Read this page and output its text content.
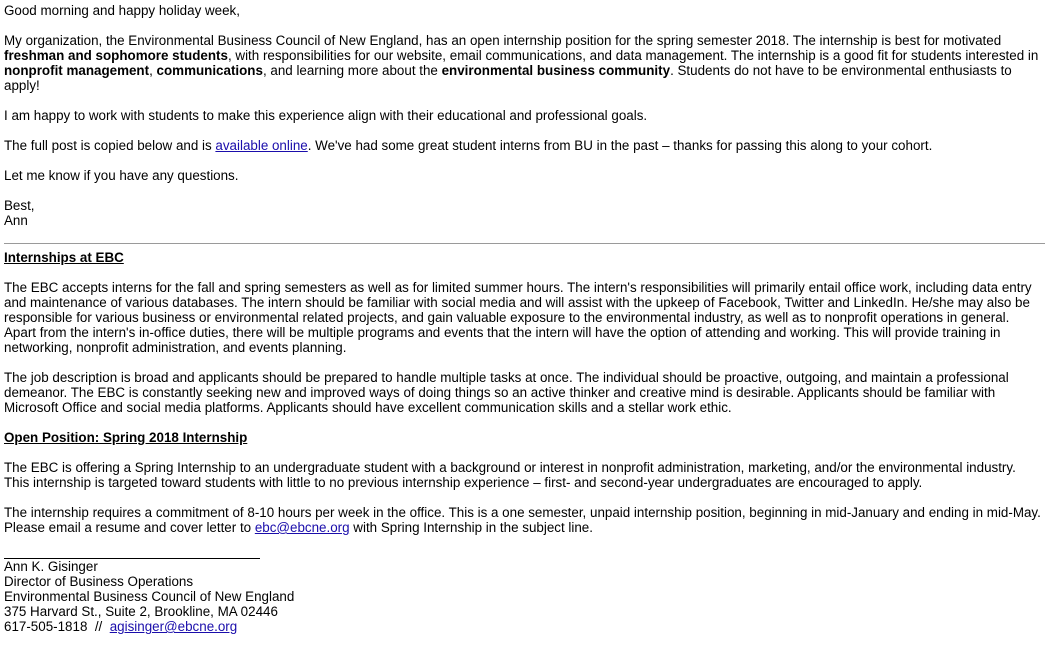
Good morning and happy holiday week,

My organization, the Environmental Business Council of New England, has an open internship position for the spring semester 2018. The internship is best for motivated freshman and sophomore students, with responsibilities for our website, email communications, and data management. The internship is a good fit for students interested in nonprofit management, communications, and learning more about the environmental business community. Students do not have to be environmental enthusiasts to apply!

I am happy to work with students to make this experience align with their educational and professional goals.

The full post is copied below and is available online. We've had some great student interns from BU in the past – thanks for passing this along to your cohort.

Let me know if you have any questions.

Best,

Ann

Internships at EBC

The EBC accepts interns for the fall and spring semesters as well as for limited summer hours. The intern's responsibilities will primarily entail office work, including data entry and maintenance of various databases. The intern should be familiar with social media and will assist with the upkeep of Facebook, Twitter and LinkedIn. He/she may also be responsible for various business or environmental related projects, and gain valuable exposure to the environmental industry, as well as to nonprofit operations in general. Apart from the intern's in-office duties, there will be multiple programs and events that the intern will have the option of attending and working. This will provide training in networking, nonprofit administration, and events planning.

The job description is broad and applicants should be prepared to handle multiple tasks at once. The individual should be proactive, outgoing, and maintain a professional demeanor. The EBC is constantly seeking new and improved ways of doing things so an active thinker and creative mind is desirable. Applicants should be familiar with Microsoft Office and social media platforms. Applicants should have excellent communication skills and a stellar work ethic.

Open Position: Spring 2018 Internship

The EBC is offering a Spring Internship to an undergraduate student with a background or interest in nonprofit administration, marketing, and/or the environmental industry. This internship is targeted toward students with little to no previous internship experience – first- and second-year undergraduates are encouraged to apply.

The internship requires a commitment of 8-10 hours per week in the office. This is a one semester, unpaid internship position, beginning in mid-January and ending in mid-May. Please email a resume and cover letter to ebc@ebcne.org with Spring Internship in the subject line.

Ann K. Gisinger

Director of Business Operations

Environmental Business Council of New England

375 Harvard St., Suite 2, Brookline, MA 02446

617-505-1818  //  agisinger@ebcne.org
